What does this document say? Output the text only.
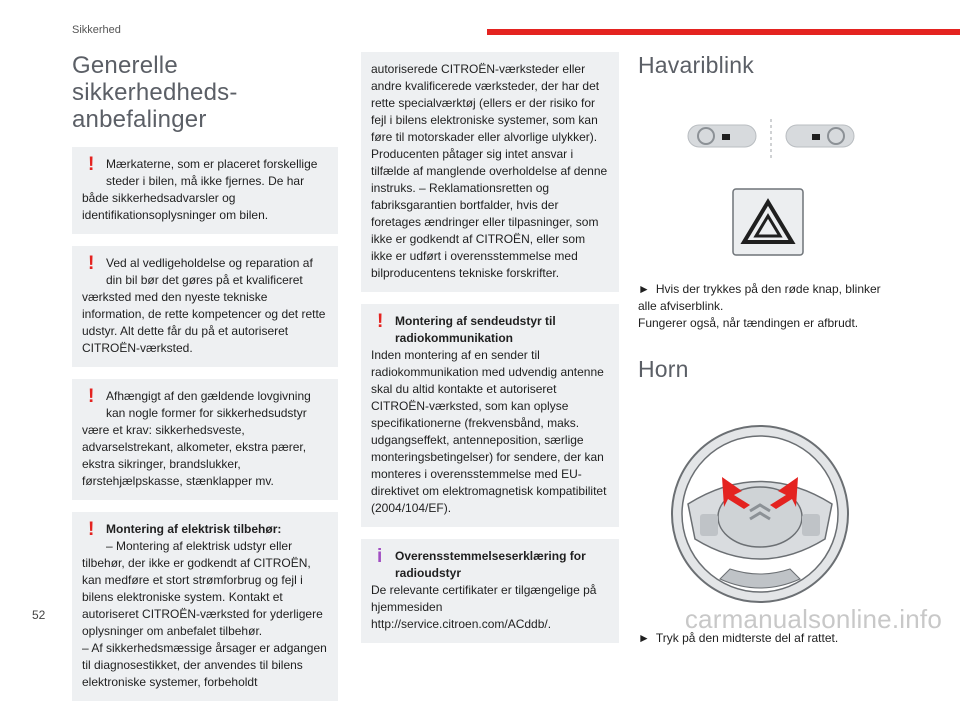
Sikkerhed
Generelle sikkerhedheds-
anbefalinger
! Mærkaterne, som er placeret forskellige steder i bilen, må ikke fjernes. De har
både sikkerhedsadvarsler og identifikationsoplysninger om bilen.
! Ved al vedligeholdelse og reparation af din bil bør det gøres på et kvalificeret
værksted med den nyeste tekniske information, de rette kompetencer og det rette udstyr. Alt dette får du på et autoriseret CITROËN-værksted.
! Afhængigt af den gældende lovgivning kan nogle former for sikkerhedsudstyr
være et krav: sikkerhedsveste, advarselstrekant, alkometer, ekstra pærer, ekstra sikringer, brandslukker, førstehjælpskasse, stænklapper mv.
! Montering af elektrisk tilbehør:
– Montering af elektrisk udstyr eller
tilbehør, der ikke er godkendt af CITROËN, kan medføre et stort strømforbrug og fejl i bilens elektroniske system. Kontakt et autoriseret CITROËN-værksted for yderligere oplysninger om anbefalet tilbehør.
– Af sikkerhedsmæssige årsager er adgangen til diagnosestikket, der anvendes til bilens elektroniske systemer, forbeholdt
autoriserede CITROËN-værksteder eller andre kvalificerede værksteder, der har det rette specialværktøj (ellers er der risiko for fejl i bilens elektroniske systemer, som kan føre til motorskader eller alvorlige ulykker). Producenten påtager sig intet ansvar i tilfælde af manglende overholdelse af denne instruks. – Reklamationsretten og fabriksgarantien bortfalder, hvis der foretages ændringer eller tilpasninger, som ikke er godkendt af CITROËN, eller som ikke er udført i overensstemmelse med bilproducentens tekniske forskrifter.
! Montering af sendeudstyr til radiokommunikation
Inden montering af en sender til radiokommunikation med udvendig antenne skal du altid kontakte et autoriseret CITROËN-værksted, som kan oplyse specifikationerne (frekvensbånd, maks. udgangseffekt, antenneposition, særlige monteringsbetingelser) for sendere, der kan monteres i overensstemmelse med EU-direktivet om elektromagnetisk kompatibilitet (2004/104/EF).
i	Overensstemmelseserklæring for radioudstyr
De relevante certifikater er tilgængelige på hjemmesiden http://service.citroen.com/ACddb/.
Havariblink

► Hvis der trykkes på den røde knap, blinker alle afviserblink.
Fungerer også, når tændingen er afbrudt.

Horn

► Tryk på den midterste del af rattet.

52	carmanualsonline.info
